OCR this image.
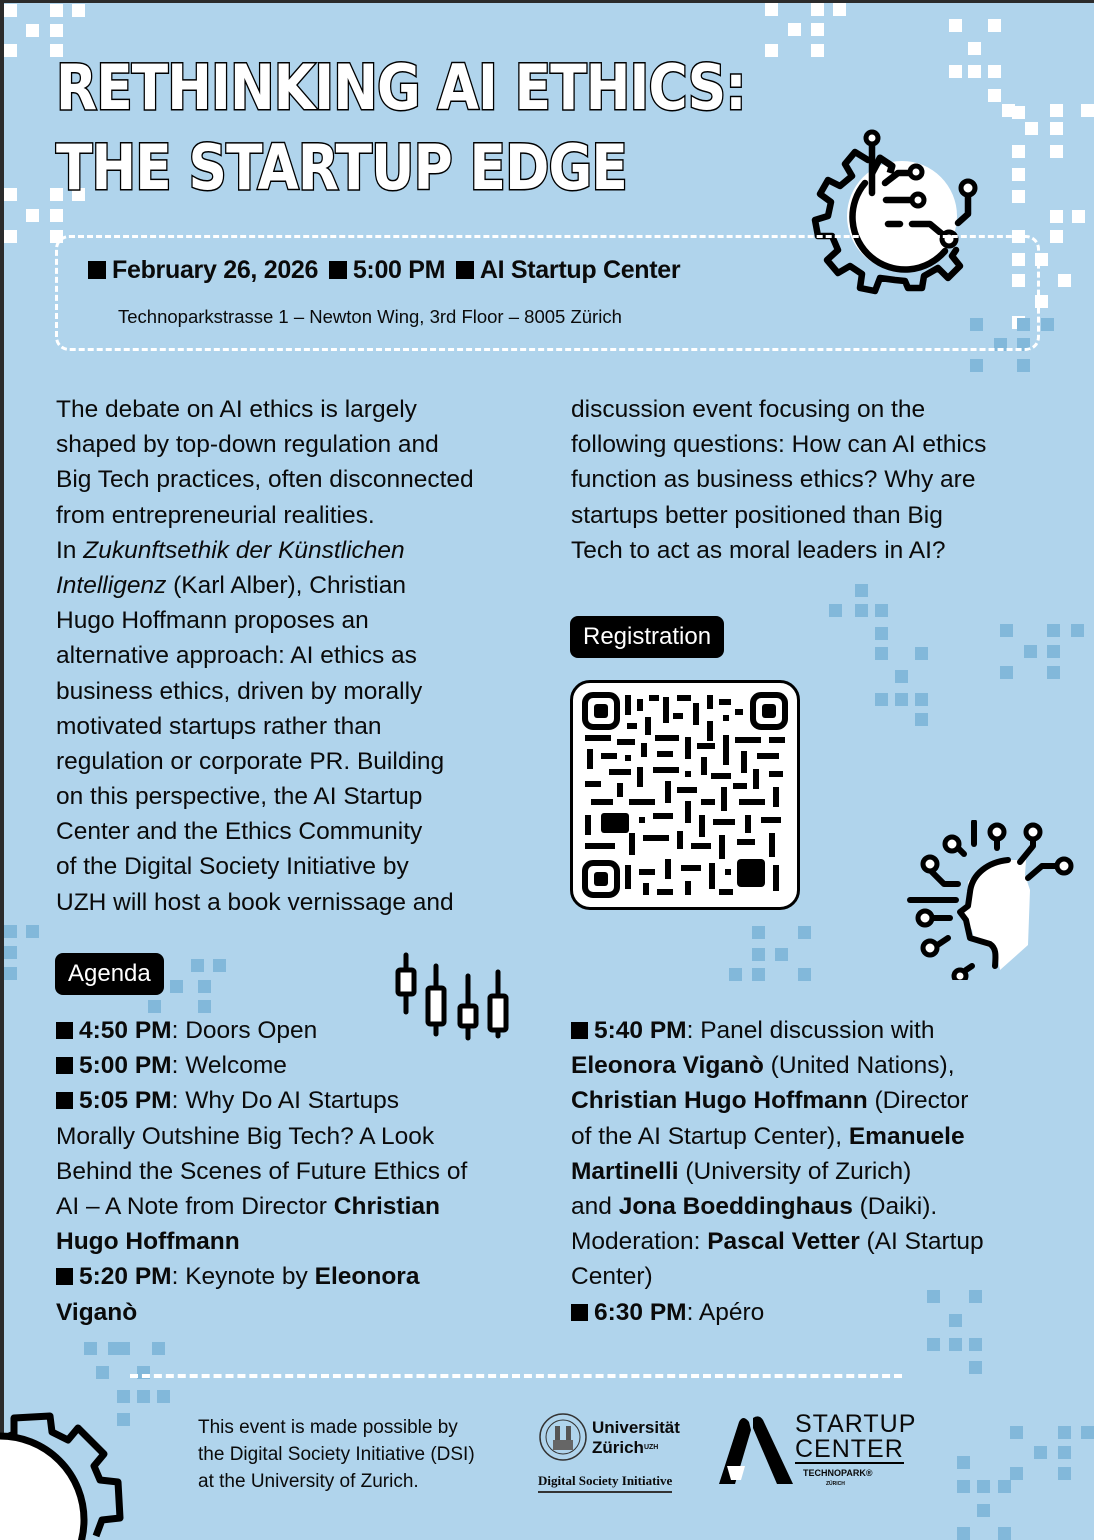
RETHINKING AI ETHICS:
THE STARTUP EDGE
February 26, 2026 5:00 PM AI Startup Center
Technoparkstrasse 1 – Newton Wing, 3rd Floor – 8005 Zürich
The debate on AI ethics is largely
shaped by top-down regulation and
Big Tech practices, often disconnected
from entrepreneurial realities.
In Zukunftsethik der Künstlichen
Intelligenz (Karl Alber), Christian
Hugo Hoffmann proposes an
alternative approach: AI ethics as
business ethics, driven by morally
motivated startups rather than
regulation or corporate PR. Building
on this perspective, the AI Startup
Center and the Ethics Community
of the Digital Society Initiative by
UZH will host a book vernissage and
discussion event focusing on the
following questions: How can AI ethics
function as business ethics? Why are
startups better positioned than Big
Tech to act as moral leaders in AI?
Registration
Agenda
4:50 PM: Doors Open
5:00 PM: Welcome
5:05 PM: Why Do AI Startups
Morally Outshine Big Tech? A Look
Behind the Scenes of Future Ethics of
AI – A Note from Director Christian
Hugo Hoffmann
5:20 PM: Keynote by Eleonora
Viganò
5:40 PM: Panel discussion with
Eleonora Viganò (United Nations),
Christian Hugo Hoffmann (Director
of the AI Startup Center), Emanuele
Martinelli (University of Zurich)
and Jona Boeddinghaus (Daiki).
Moderation: Pascal Vetter (AI Startup
Center)
6:30 PM: Apéro
This event is made possible by
the Digital Society Initiative (DSI)
at the University of Zurich.
Universität
Zürich$^{UZH}$
Digital Society Initiative
STARTUP
CENTER
TECHNOPARK®
ZÜRICH
